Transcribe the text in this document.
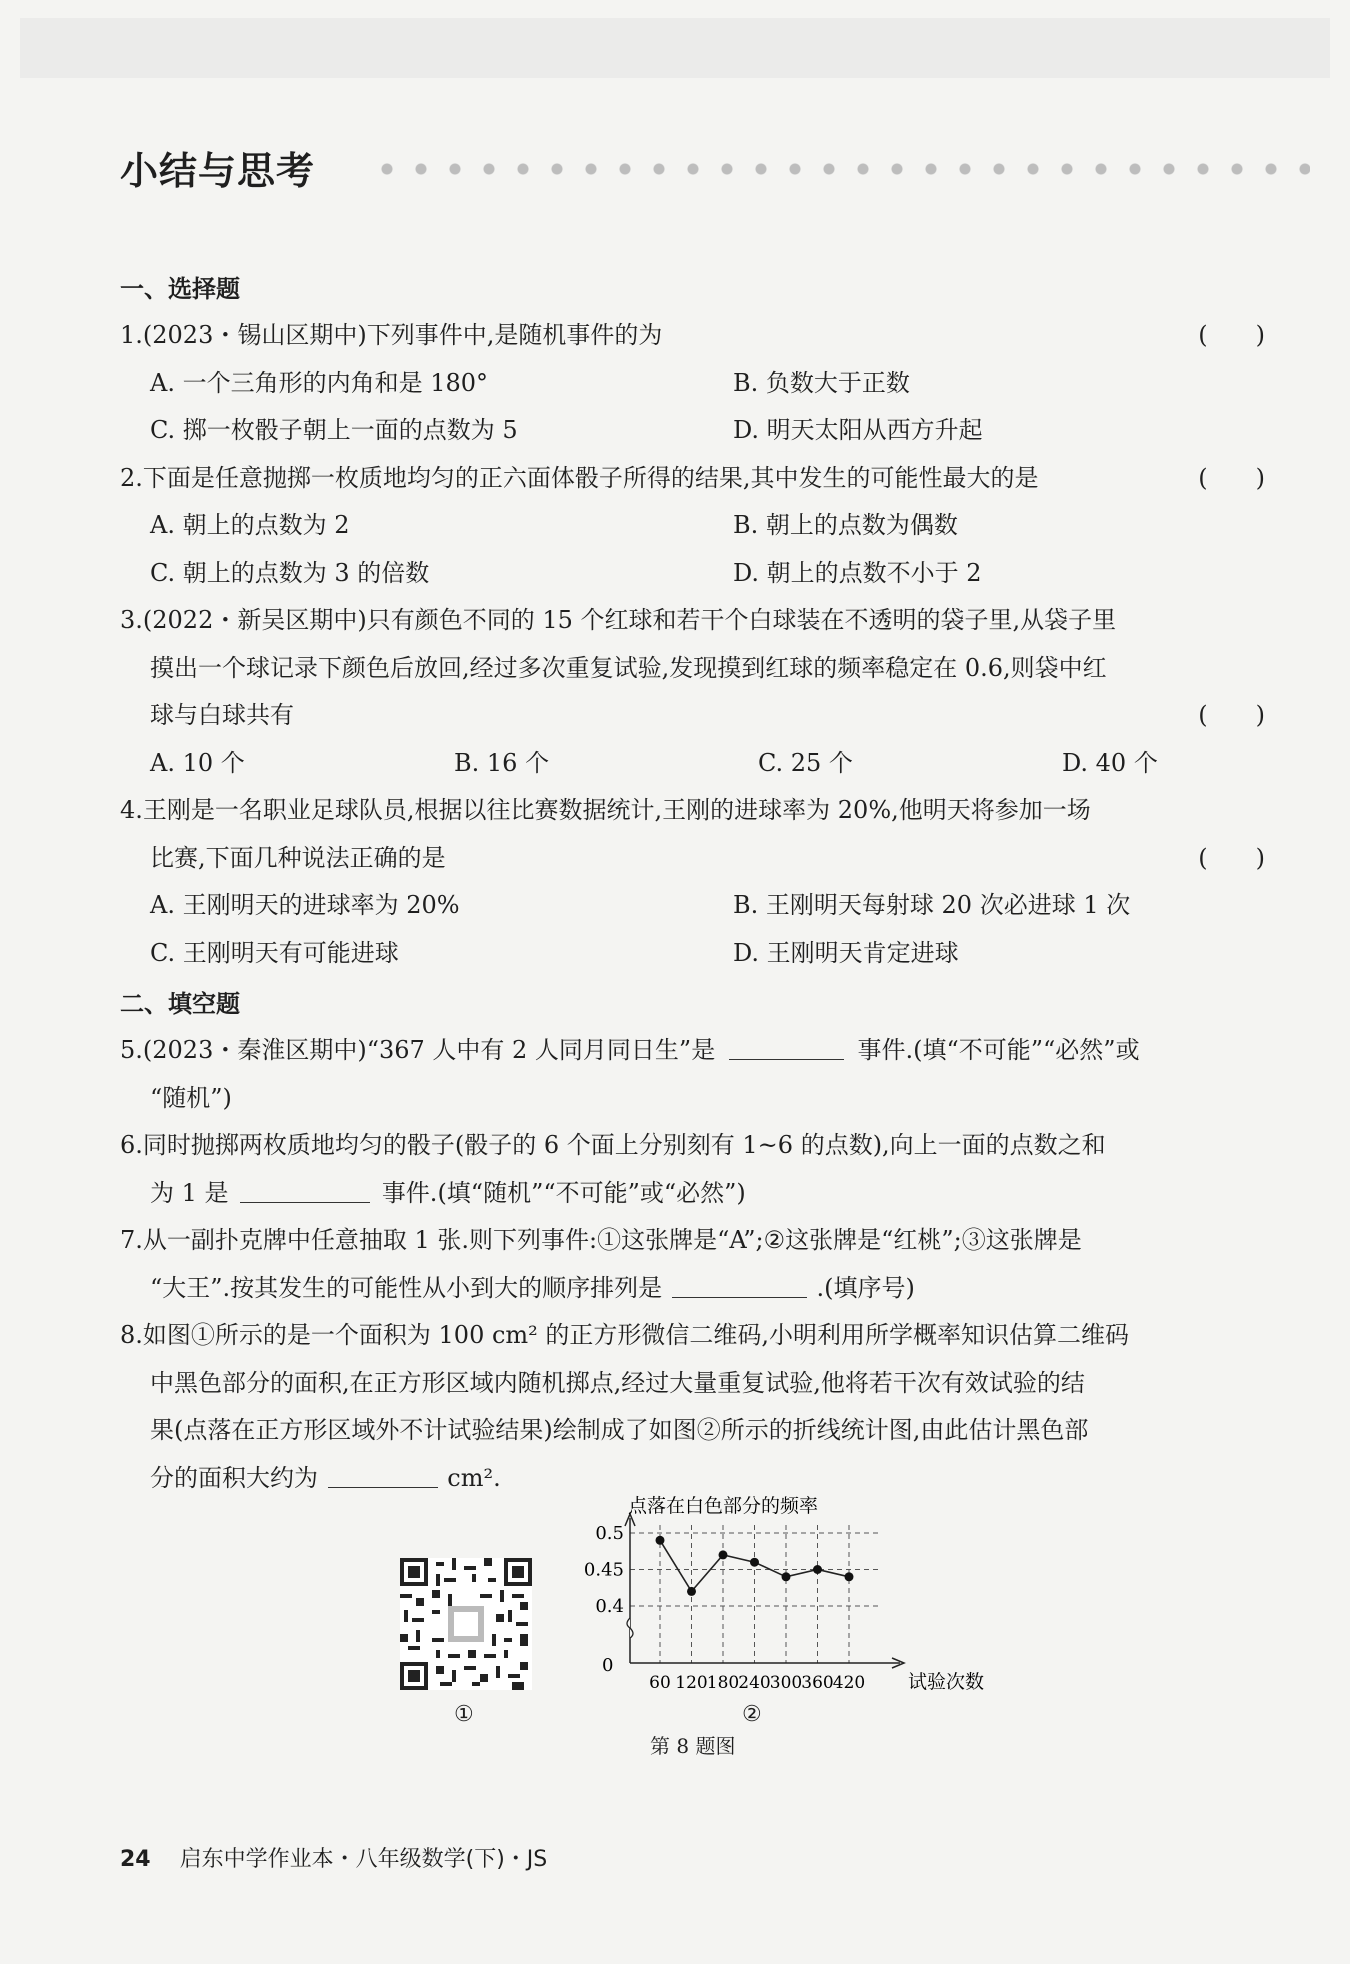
小结与思考
一、选择题
1.(2023・锡山区期中)下列事件中,是随机事件的为	(　　)
A. 一个三角形的内角和是 180°	B. 负数大于正数
C. 掷一枚骰子朝上一面的点数为 5	D. 明天太阳从西方升起
2.下面是任意抛掷一枚质地均匀的正六面体骰子所得的结果,其中发生的可能性最大的是	(　　)
A. 朝上的点数为 2	B. 朝上的点数为偶数
C. 朝上的点数为 3 的倍数	D. 朝上的点数不小于 2
3.(2022・新吴区期中)只有颜色不同的 15 个红球和若干个白球装在不透明的袋子里,从袋子里
摸出一个球记录下颜色后放回,经过多次重复试验,发现摸到红球的频率稳定在 0.6,则袋中红
球与白球共有	(　　)
A. 10 个	B. 16 个	C. 25 个	D. 40 个
4.王刚是一名职业足球队员,根据以往比赛数据统计,王刚的进球率为 20%,他明天将参加一场
比赛,下面几种说法正确的是	(　　)
A. 王刚明天的进球率为 20%	B. 王刚明天每射球 20 次必进球 1 次
C. 王刚明天有可能进球	D. 王刚明天肯定进球
二、填空题
5.(2023・秦淮区期中)“367 人中有 2 人同月同日生”是	事件.(填“不可能”“必然”或
“随机”)
6.同时抛掷两枚质地均匀的骰子(骰子的 6 个面上分别刻有 1~6 的点数),向上一面的点数之和
为 1 是	事件.(填“随机”“不可能”或“必然”)
7.从一副扑克牌中任意抽取 1 张.则下列事件:①这张牌是“A”;②这张牌是“红桃”;③这张牌是
“大王”.按其发生的可能性从小到大的顺序排列是	.(填序号)
8.如图①所示的是一个面积为 100 cm² 的正方形微信二维码,小明利用所学概率知识估算二维码
中黑色部分的面积,在正方形区域内随机掷点,经过大量重复试验,他将若干次有效试验的结
果(点落在正方形区域外不计试验结果)绘制成了如图②所示的折线统计图,由此估计黑色部
分的面积大约为	cm².
①
点落在白色部分的频率
试验次数
0
0.5
0.45
0.4
60 120 180 240 300 360 420
②
第 8 题图
24 启东中学作业本・八年级数学(下)・JS
